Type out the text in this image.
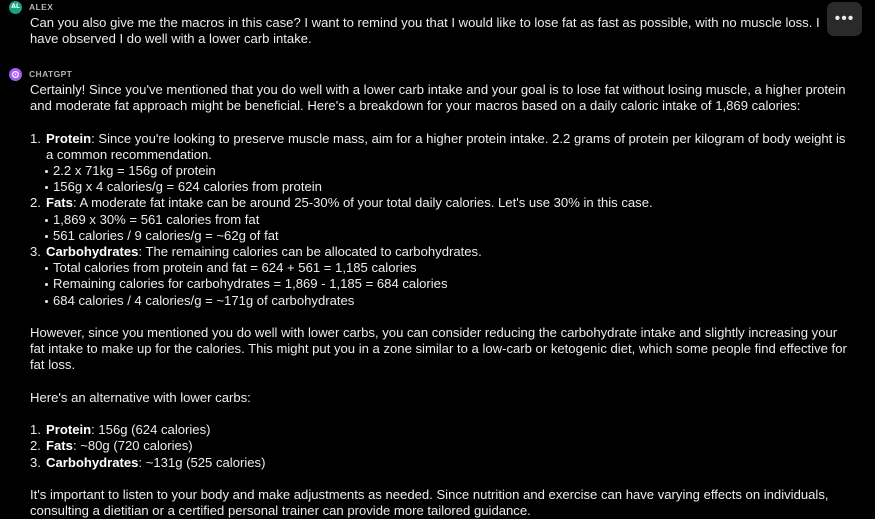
AL ALEX

Can you also give me the macros in this case? I want to remind you that I would like to lose fat as fast as possible, with no muscle loss. I have observed I do well with a lower carb intake.

•••
CHATGPT

Certainly! Since you've mentioned that you do well with a lower carb intake and your goal is to lose fat without losing muscle, a higher protein and moderate fat approach might be beneficial. Here's a breakdown for your macros based on a daily caloric intake of 1,869 calories:

1. Protein: Since you're looking to preserve muscle mass, aim for a higher protein intake. 2.2 grams of protein per kilogram of body weight is a common recommendation.
2.2 x 71kg = 156g of protein
156g x 4 calories/g = 624 calories from protein
2. Fats: A moderate fat intake can be around 25-30% of your total daily calories. Let's use 30% in this case.
1,869 x 30% = 561 calories from fat
561 calories / 9 calories/g = ~62g of fat
3. Carbohydrates: The remaining calories can be allocated to carbohydrates.
Total calories from protein and fat = 624 + 561 = 1,185 calories
Remaining calories for carbohydrates = 1,869 - 1,185 = 684 calories
684 calories / 4 calories/g = ~171g of carbohydrates

However, since you mentioned you do well with lower carbs, you can consider reducing the carbohydrate intake and slightly increasing your fat intake to make up for the calories. This might put you in a zone similar to a low-carb or ketogenic diet, which some people find effective for fat loss.

Here's an alternative with lower carbs:

1. Protein: 156g (624 calories)
2. Fats: ~80g (720 calories)
3. Carbohydrates: ~131g (525 calories)

It's important to listen to your body and make adjustments as needed. Since nutrition and exercise can have varying effects on individuals, consulting a dietitian or a certified personal trainer can provide more tailored guidance.
